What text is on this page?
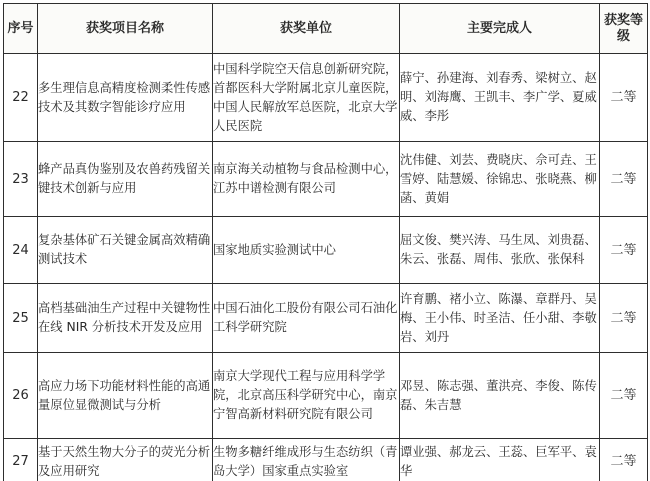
序号	获奖项目名称	获奖单位	主要完成人	获奖等级
22	多生理信息高精度检测柔性传感技术及其数字智能诊疗应用	中国科学院空天信息创新研究院，首都医科大学附属北京儿童医院，中国人民解放军总医院，北京大学人民医院	薛宁、孙建海、刘春秀、梁树立、赵明、刘海鹰、王凯丰、李广学、夏威威、李彤	二等
23	蜂产品真伪鉴别及农兽药残留关键技术创新与应用	南京海关动植物与食品检测中心，江苏中谱检测有限公司	沈伟健、刘芸、费晓庆、佘可垚、王雪婷、陆慧媛、徐锦忠、张晓燕、柳菡、黄娟	二等
24	复杂基体矿石关键金属高效精确测试技术	国家地质实验测试中心	屈文俊、樊兴涛、马生凤、刘贵磊、朱云、张磊、周伟、张欣、张保科	二等
25	高档基础油生产过程中关键物性在线 NIR 分析技术开发及应用	中国石油化工股份有限公司石油化工科学研究院	许育鹏、褚小立、陈瀑、章群丹、吴梅、王小伟、时圣洁、任小甜、李敬岩、刘丹	二等
26	高应力场下功能材料性能的高通量原位显微测试与分析	南京大学现代工程与应用科学学院，北京高压科学研究中心，南京宁智高新材料研究院有限公司	邓昱、陈志强、董洪亮、李俊、陈传磊、朱吉慧	二等
27	基于天然生物大分子的荧光分析及应用研究	生物多糖纤维成形与生态纺织（青岛大学）国家重点实验室	谭业强、郝龙云、王蕊、巨军平、袁华	二等
